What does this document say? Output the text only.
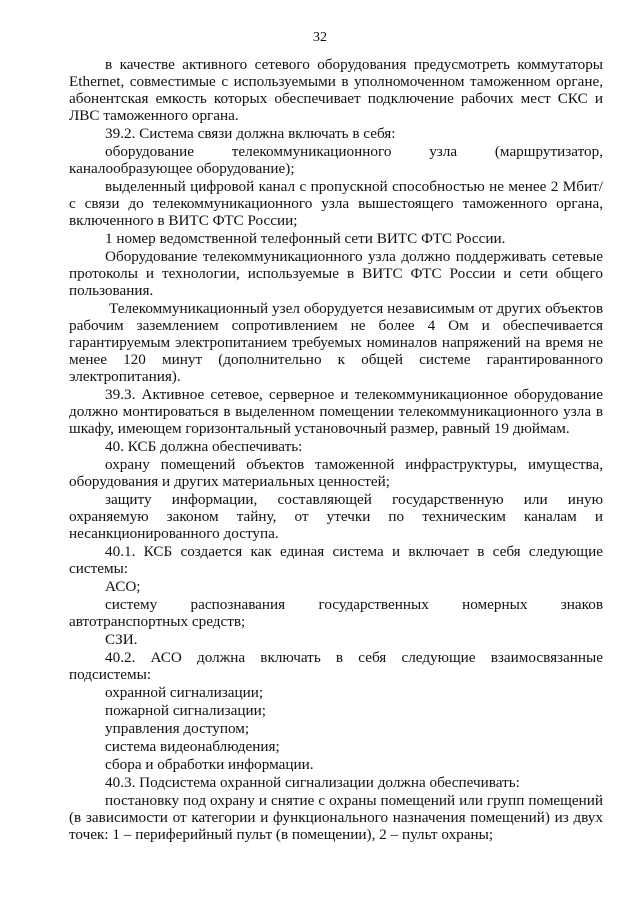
32

в качестве активного сетевого оборудования предусмотреть коммутаторы Ethernet, совместимые с используемыми в уполномоченном таможенном органе, абонентская емкость которых обеспечивает подключение рабочих мест СКС и ЛВС таможенного органа.

39.2. Система связи должна включать в себя:

оборудование телекоммуникационного узла (маршрутизатор, каналообразующее оборудование);

выделенный цифровой канал с пропускной способностью не менее 2 Мбит/с связи до телекоммуникационного узла вышестоящего таможенного органа, включенного в ВИТС ФТС России;

1 номер ведомственной телефонный сети ВИТС ФТС России.

Оборудование телекоммуникационного узла должно поддерживать сетевые протоколы и технологии, используемые в ВИТС ФТС России и сети общего пользования.

Телекоммуникационный узел оборудуется независимым от других объектов рабочим заземлением сопротивлением не более 4 Ом и обеспечивается гарантируемым электропитанием требуемых номиналов напряжений на время не менее 120 минут (дополнительно к общей системе гарантированного электропитания).

39.3. Активное сетевое, серверное и телекоммуникационное оборудование должно монтироваться в выделенном помещении телекоммуникационного узла в шкафу, имеющем горизонтальный установочный размер, равный 19 дюймам.

40. КСБ должна обеспечивать:

охрану помещений объектов таможенной инфраструктуры, имущества, оборудования и других материальных ценностей;

защиту информации, составляющей государственную или иную охраняемую законом тайну, от утечки по техническим каналам и несанкционированного доступа.

40.1. КСБ создается как единая система и включает в себя следующие системы:

АСО;

систему распознавания государственных номерных знаков автотранспортных средств;

СЗИ.

40.2. АСО должна включать в себя следующие взаимосвязанные подсистемы:

охранной сигнализации;

пожарной сигнализации;

управления доступом;

система видеонаблюдения;

сбора и обработки информации.

40.3. Подсистема охранной сигнализации должна обеспечивать:

постановку под охрану и снятие с охраны помещений или групп помещений (в зависимости от категории и функционального назначения помещений) из двух точек: 1 – периферийный пульт (в помещении), 2 – пульт охраны;
